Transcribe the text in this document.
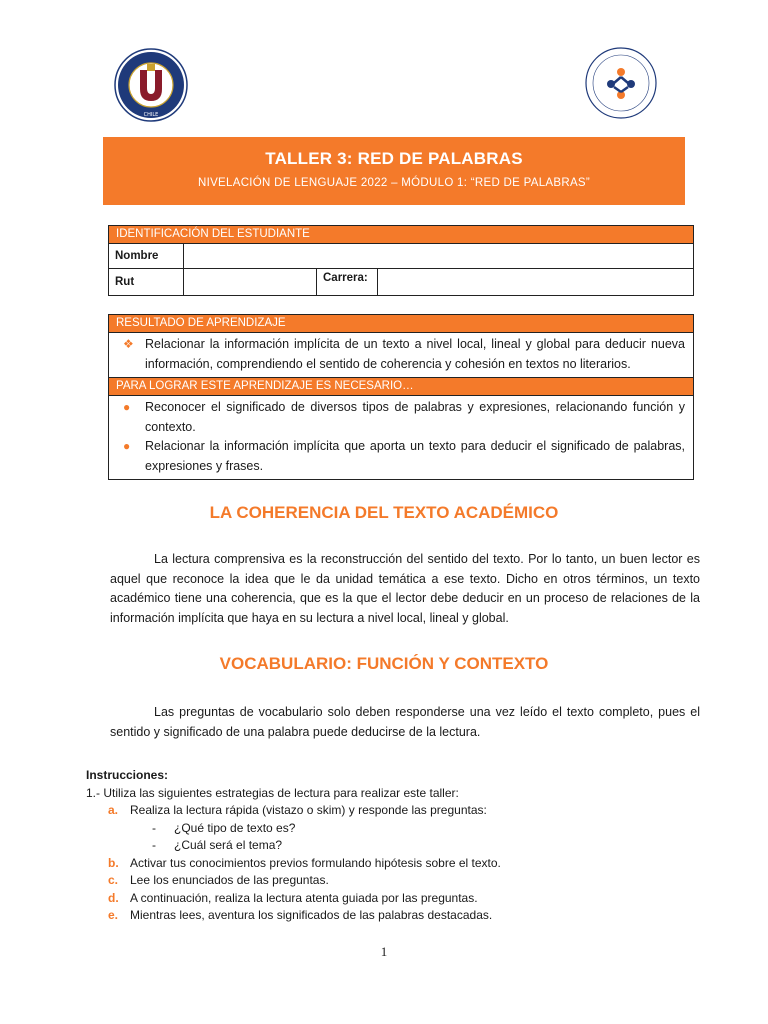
CHILE
TALLER 3: RED DE PALABRAS
NIVELACIÓN DE LENGUAJE 2022 – MÓDULO 1: “RED DE PALABRAS”
IDENTIFICACIÓN DEL ESTUDIANTE			
Nombre			
Rut		Carrera:	
RESULTADO DE APRENDIZAJE

❖ Relacionar la información implícita de un texto a nivel local, lineal y global para deducir nueva información, comprendiendo el sentido de coherencia y cohesión en textos no literarios.

PARA LOGRAR ESTE APRENDIZAJE ES NECESARIO…

●	Reconocer el significado de diversos tipos de palabras y expresiones, relacionando función y contexto.
●	Relacionar la información implícita que aporta un texto para deducir el significado de palabras, expresiones y frases.
LA COHERENCIA DEL TEXTO ACADÉMICO

La lectura comprensiva es la reconstrucción del sentido del texto. Por lo tanto, un buen lector es aquel que reconoce la idea que le da unidad temática a ese texto. Dicho en otros términos, un texto académico tiene una coherencia, que es la que el lector debe deducir en un proceso de relaciones de la información implícita que haya en su lectura a nivel local, lineal y global.

VOCABULARIO: FUNCIÓN Y CONTEXTO

Las preguntas de vocabulario solo deben responderse una vez leído el texto completo, pues el sentido y significado de una palabra puede deducirse de la lectura.

Instrucciones:
1.- Utiliza las siguientes estrategias de lectura para realizar este taller:
a. Realiza la lectura rápida (vistazo o skim) y responde las preguntas:
- ¿Qué tipo de texto es?
- ¿Cuál será el tema?
b. Activar tus conocimientos previos formulando hipótesis sobre el texto.
c. Lee los enunciados de las preguntas.
d. A continuación, realiza la lectura atenta guiada por las preguntas.
e. Mientras lees, aventura los significados de las palabras destacadas.
1
